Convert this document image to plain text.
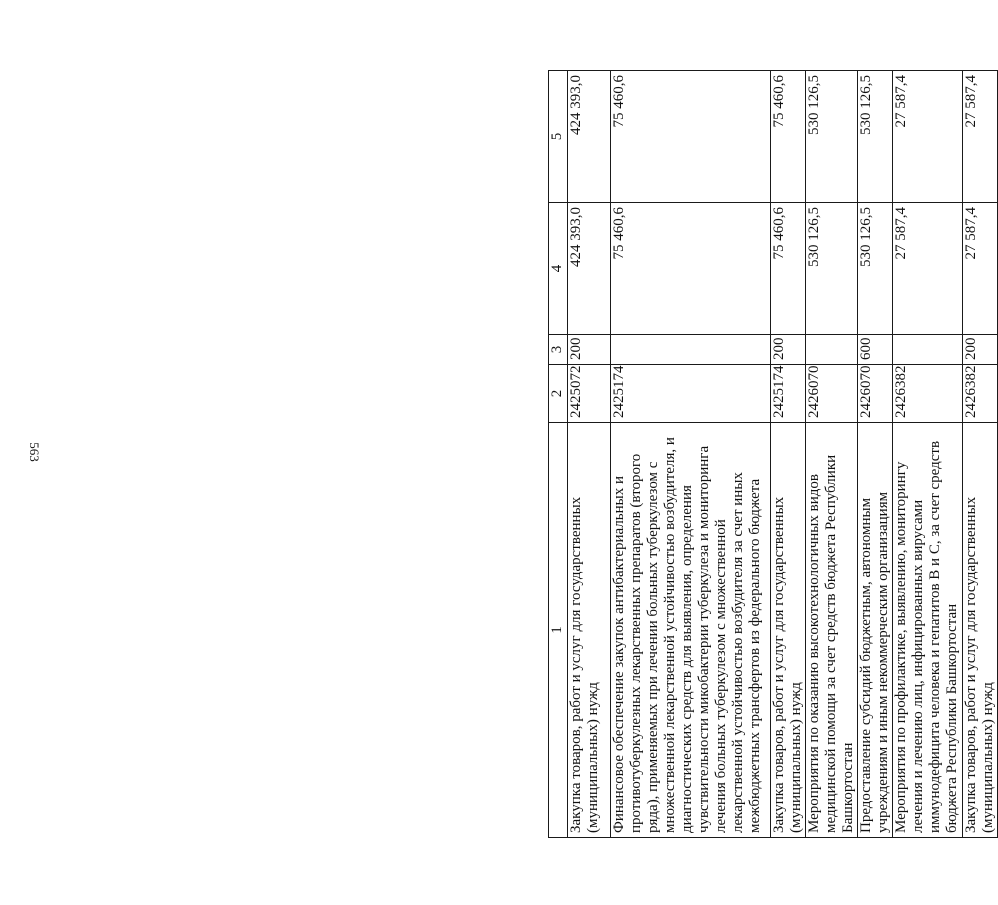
563
1	2	3	4	5
Закупка товаров, работ и услуг для государственных (муниципальных) нужд	2425072	200	424 393,0	424 393,0
Финансовое обеспечение закупок антибактериальных и противотуберкулезных лекарственных препаратов (второго ряда), применяемых при лечении больных туберкулезом с множественной лекарственной устойчивостью возбудителя, и диагностических средств для выявления, определения чувствительности микобактерии туберкулеза и мониторинга лечения больных туберкулезом с множественной лекарственной устойчивостью возбудителя за счет иных межбюджетных трансфертов из федерального бюджета	2425174		75 460,6	75 460,6
Закупка товаров, работ и услуг для государственных (муниципальных) нужд	2425174	200	75 460,6	75 460,6
Мероприятия по оказанию высокотехнологичных видов медицинской помощи за счет средств бюджета Республики Башкортостан	2426070		530 126,5	530 126,5
Предоставление субсидий бюджетным, автономным учреждениям и иным некоммерческим организациям	2426070	600	530 126,5	530 126,5
Мероприятия по профилактике, выявлению, мониторингу лечения и лечению лиц, инфицированных вирусами иммунодефицита человека и гепатитов B и C, за счет средств бюджета Республики Башкортостан	2426382		27 587,4	27 587,4
Закупка товаров, работ и услуг для государственных (муниципальных) нужд	2426382	200	27 587,4	27 587,4
